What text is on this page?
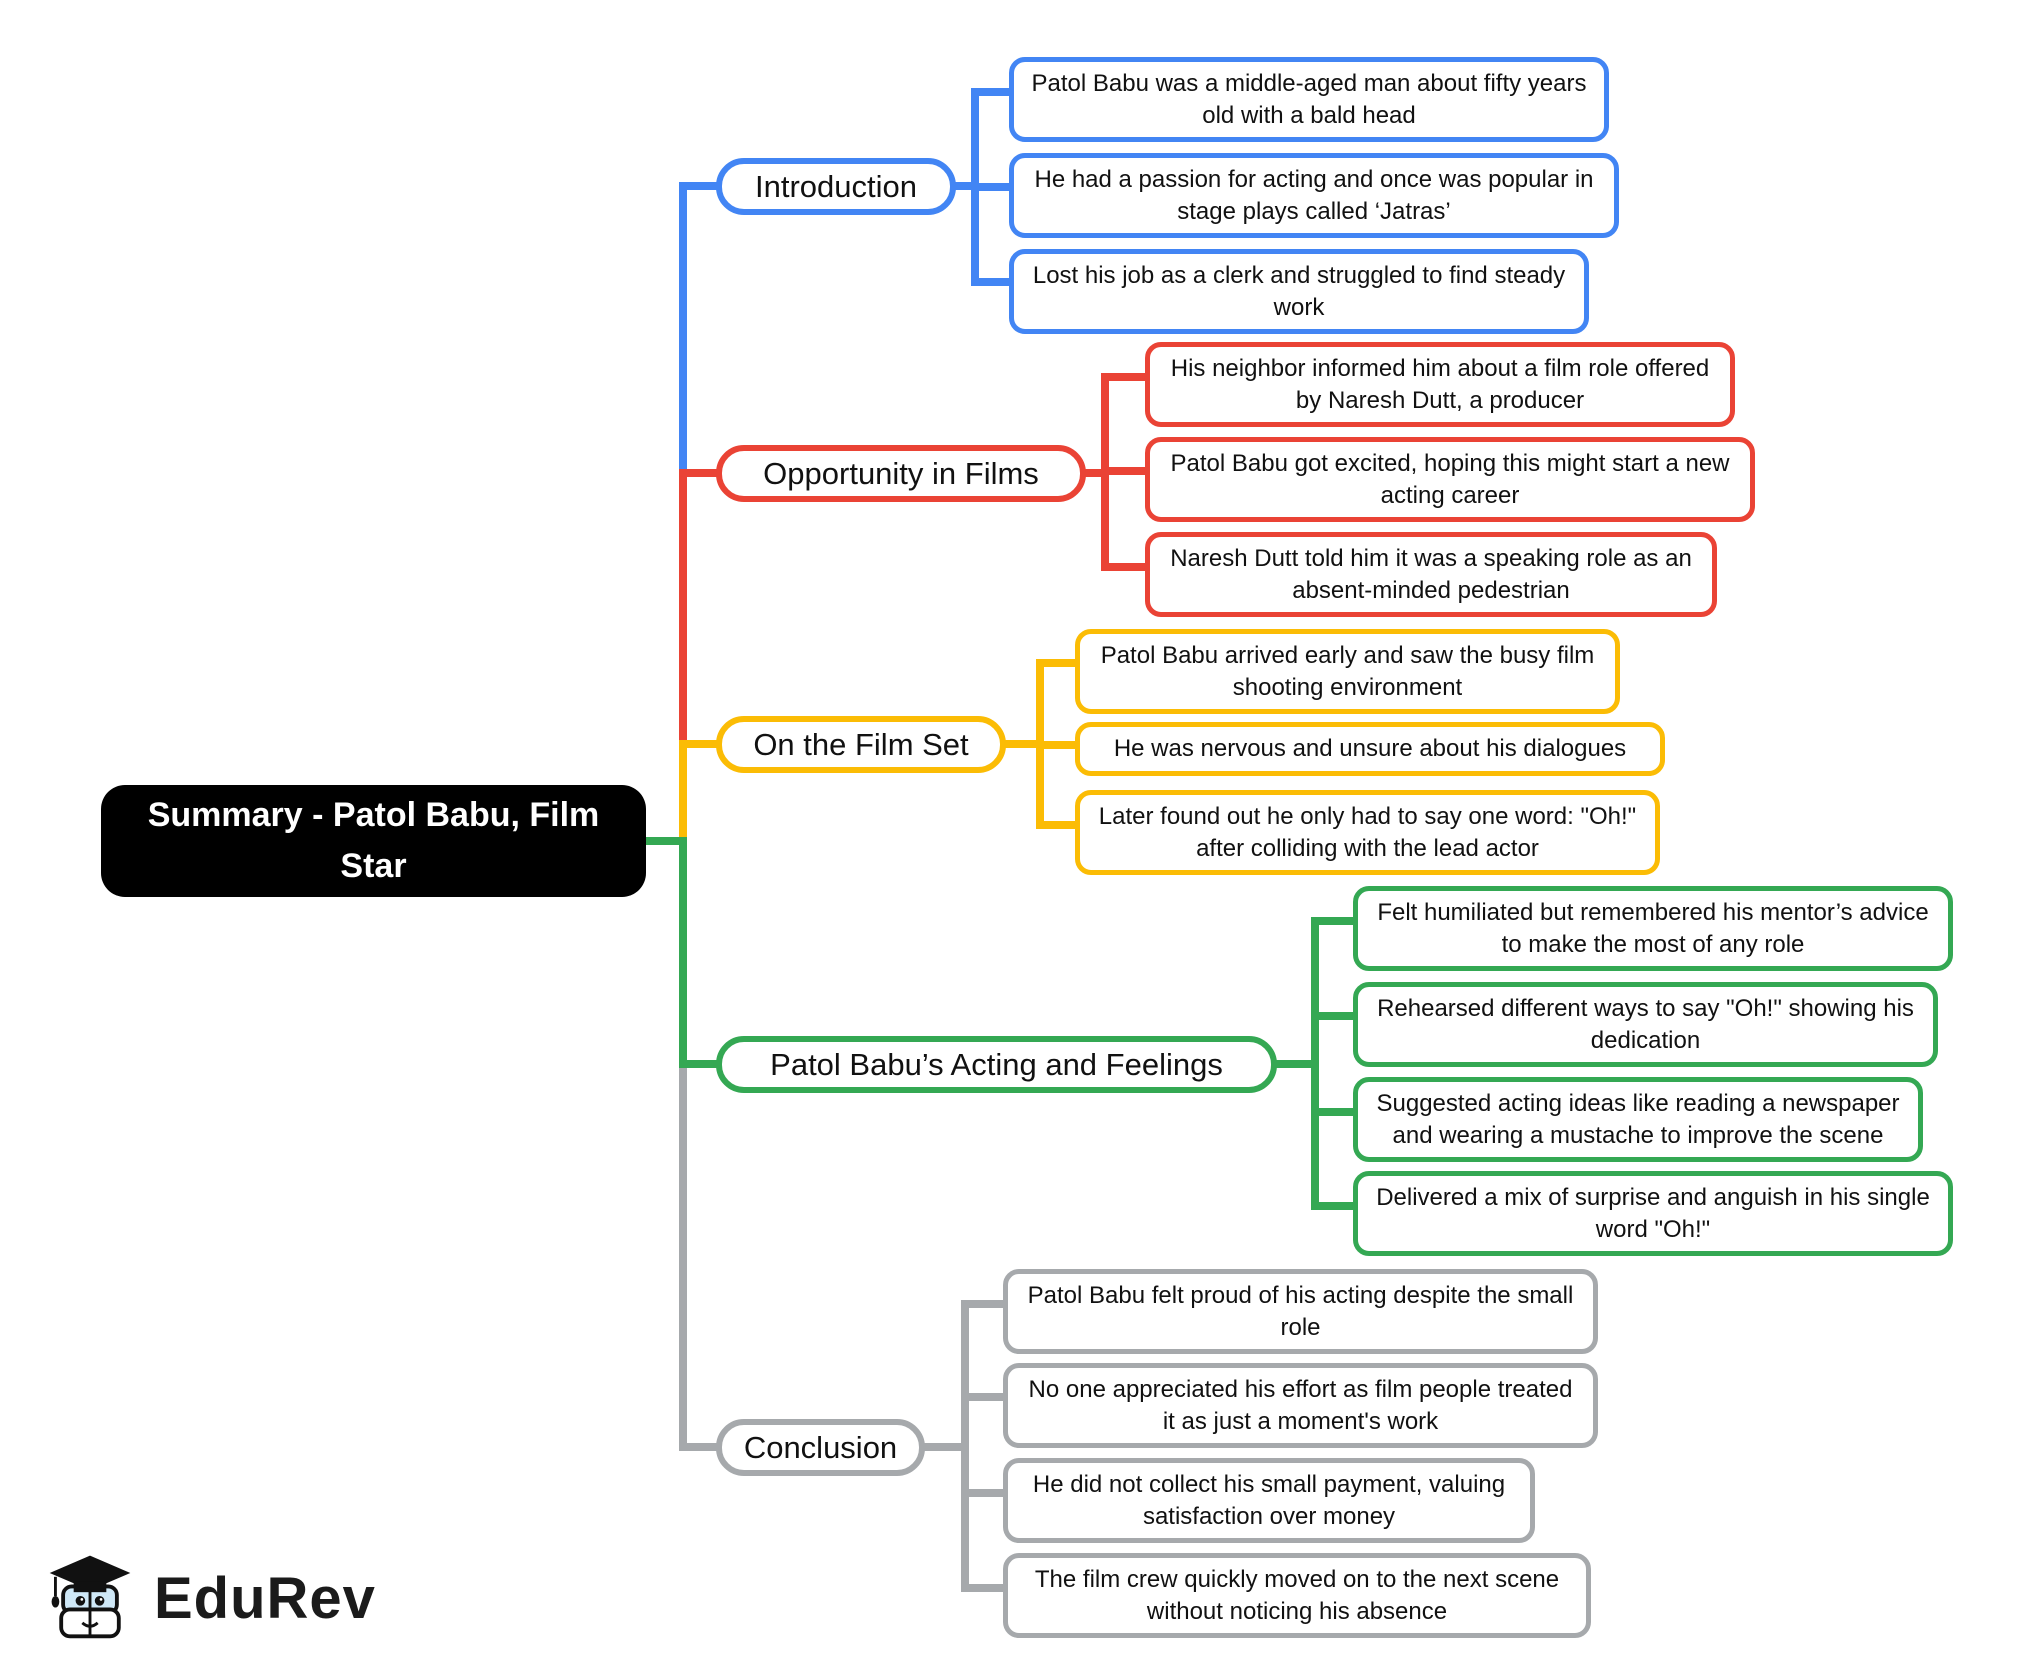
Summary - Patol Babu, Film Star
Introduction
Patol Babu was a middle-aged man about fifty years old with a bald head
He had a passion for acting and once was popular in stage plays called ‘Jatras’
Lost his job as a clerk and struggled to find steady work
Opportunity in Films
His neighbor informed him about a film role offered by Naresh Dutt, a producer
Patol Babu got excited, hoping this might start a new acting career
Naresh Dutt told him it was a speaking role as an absent-minded pedestrian
On the Film Set
Patol Babu arrived early and saw the busy film shooting environment
He was nervous and unsure about his dialogues
Later found out he only had to say one word: "Oh!" after colliding with the lead actor
Patol Babu’s Acting and Feelings
Felt humiliated but remembered his mentor’s advice to make the most of any role
Rehearsed different ways to say "Oh!" showing his dedication
Suggested acting ideas like reading a newspaper and wearing a mustache to improve the scene
Delivered a mix of surprise and anguish in his single word "Oh!"
Conclusion
Patol Babu felt proud of his acting despite the small role
No one appreciated his effort as film people treated it as just a moment's work
He did not collect his small payment, valuing satisfaction over money
The film crew quickly moved on to the next scene without noticing his absence
EduRev
